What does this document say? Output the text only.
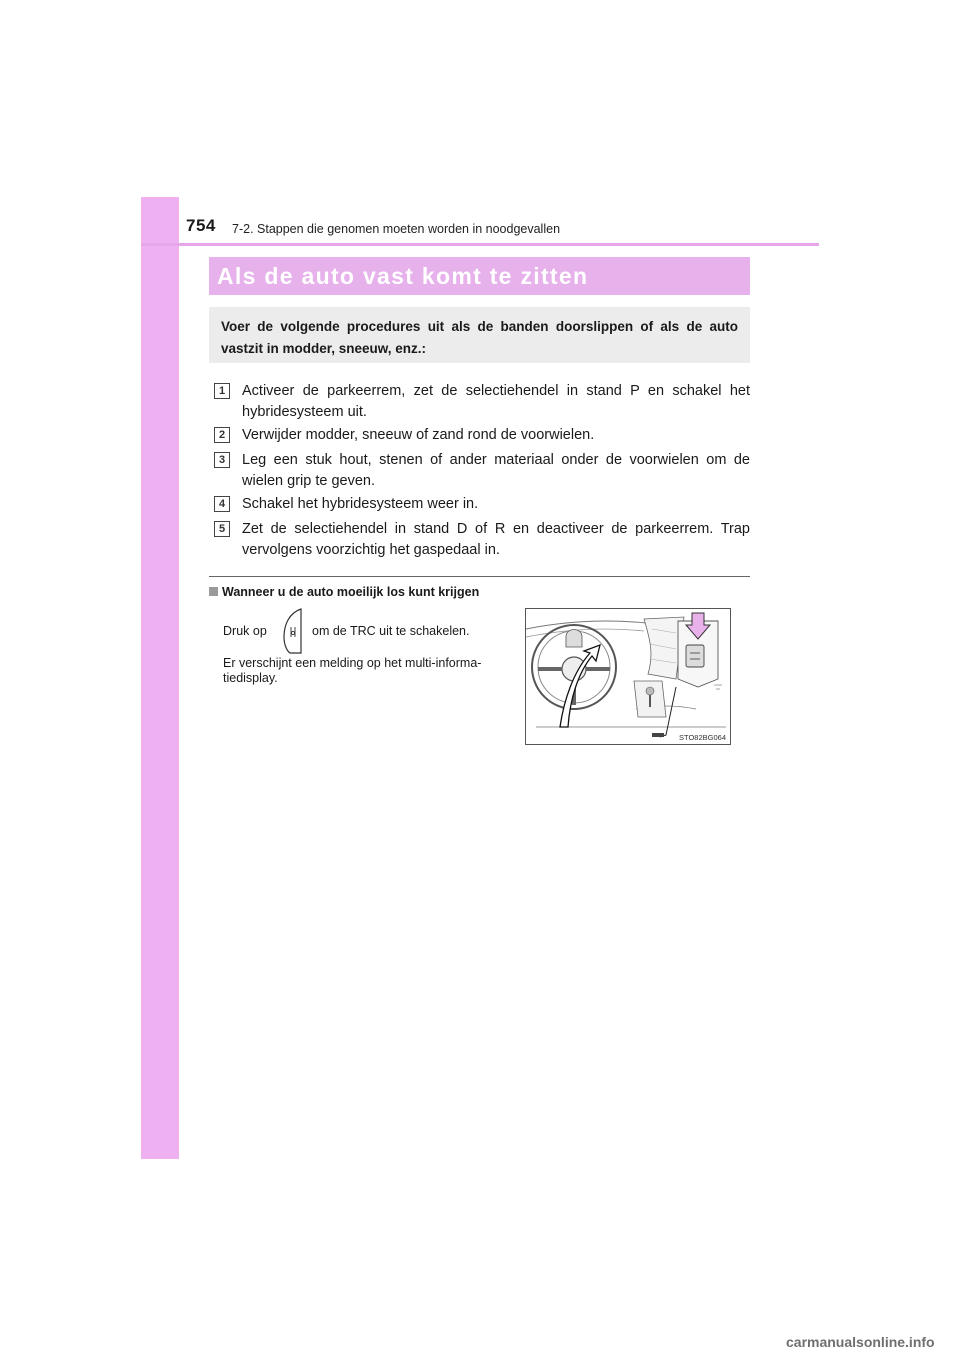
754 7-2. Stappen die genomen moeten worden in noodgevallen
Als de auto vast komt te zitten
Voer de volgende procedures uit als de banden doorslippen of als de auto vastzit in modder, sneeuw, enz.:
1	Activeer de parkeerrem, zet de selectiehendel in stand P en schakel het hybridesysteem uit.
2	Verwijder modder, sneeuw of zand rond de voorwielen.
3	Leg een stuk hout, stenen of ander materiaal onder de voorwielen om de wielen grip te geven.
4	Schakel het hybridesysteem weer in.
5	Zet de selectiehendel in stand D of R en deactiveer de parkeerrem. Trap vervolgens voorzichtig het gaspedaal in.
Wanneer u de auto moeilijk los kunt krijgen
Druk op	om de TRC uit te schakelen.
Er verschijnt een melding op het multi-informa-tiedisplay.
STO82BG064
carmanualsonline.info
